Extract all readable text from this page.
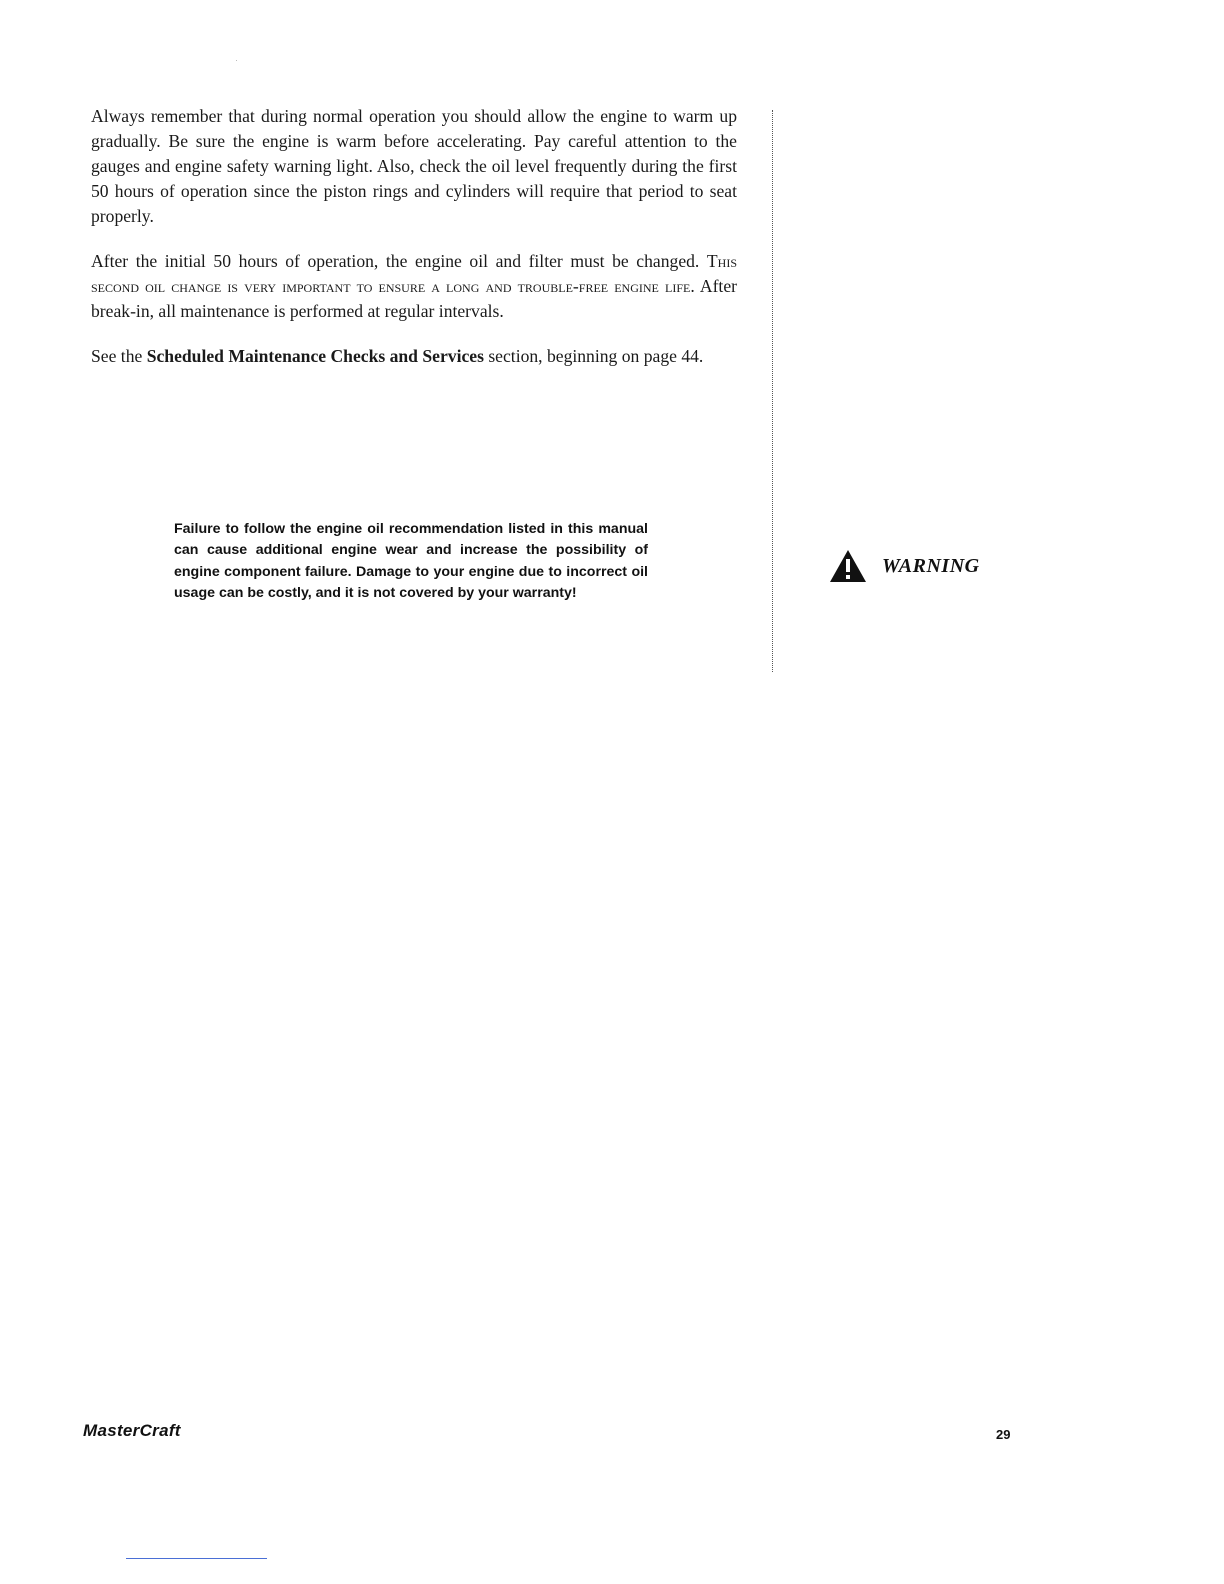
Always remember that during normal operation you should allow the engine to warm up gradually. Be sure the engine is warm before accelerating. Pay careful attention to the gauges and engine safety warning light. Also, check the oil level frequently during the first 50 hours of operation since the piston rings and cylinders will require that period to seat properly.

After the initial 50 hours of operation, the engine oil and filter must be changed. This second oil change is very important to ensure a long and trouble-free engine life. After break-in, all maintenance is performed at regular intervals.

See the Scheduled Maintenance Checks and Services section, beginning on page 44.

Failure to follow the engine oil recommendation listed in this manual can cause additional engine wear and increase the possibility of engine component failure. Damage to your engine due to incorrect oil usage can be costly, and it is not covered by your warranty!
WARNING
MasterCraft	29
